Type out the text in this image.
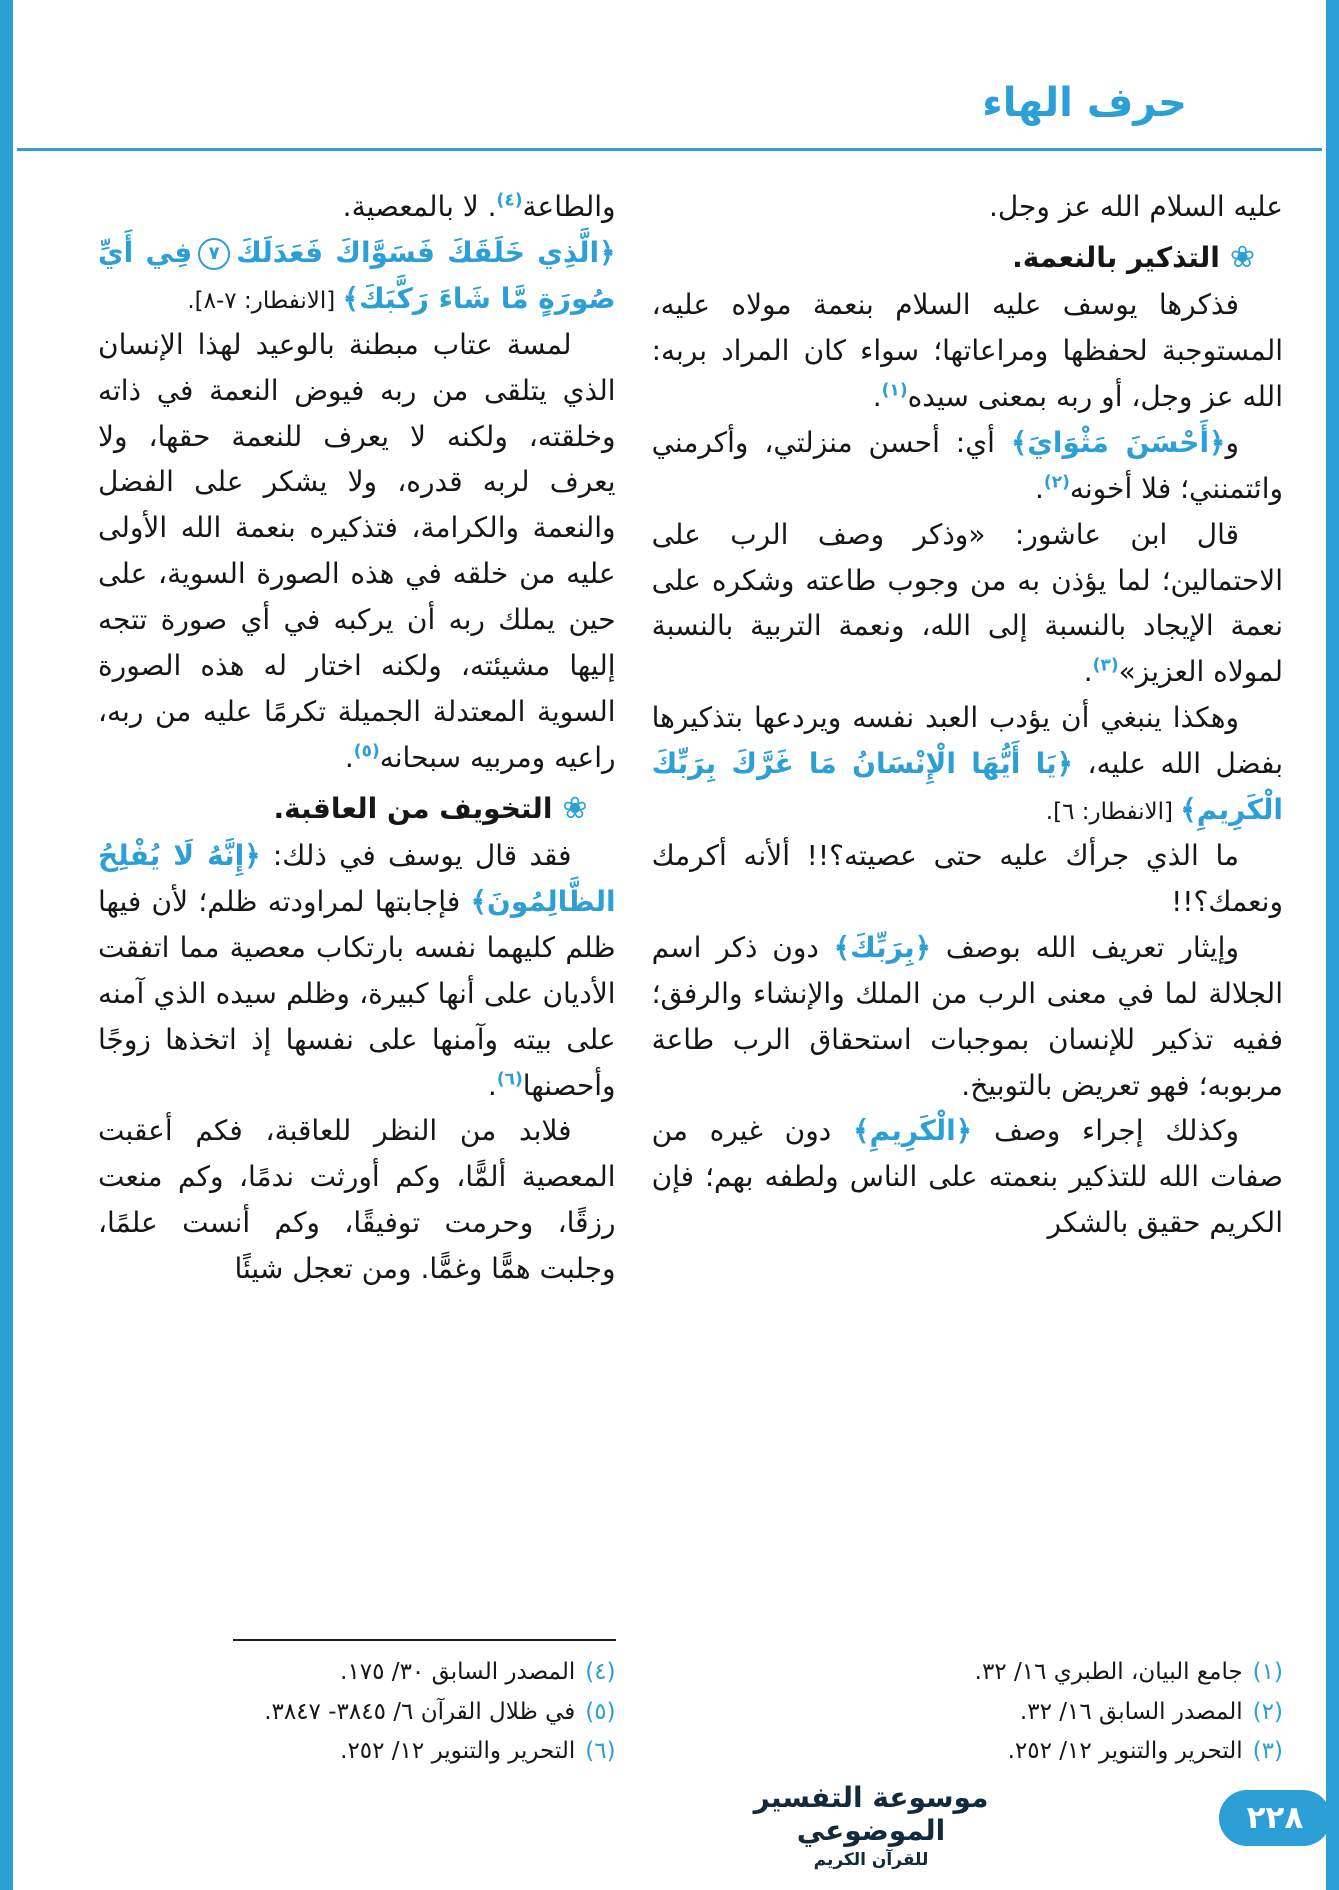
حرف الهاء

عليه السلام الله عز وجل.

❀التذكير بالنعمة.

فذكرها يوسف عليه السلام بنعمة مولاه عليه، المستوجبة لحفظها ومراعاتها؛ سواء كان المراد بربه: الله عز وجل، أو ربه بمعنى سيده$^{(١)}$.

و﴿أَحْسَنَ مَثْوَايَ﴾ أي: أحسن منزلتي، وأكرمني وائتمنني؛ فلا أخونه$^{(٢)}$.

قال ابن عاشور: «وذكر وصف الرب على الاحتمالين؛ لما يؤذن به من وجوب طاعته وشكره على نعمة الإيجاد بالنسبة إلى الله، ونعمة التربية بالنسبة لمولاه العزيز»$^{(٣)}$.

وهكذا ينبغي أن يؤدب العبد نفسه ويردعها بتذكيرها بفضل الله عليه، ﴿يَا أَيُّهَا الْإِنْسَانُ مَا غَرَّكَ بِرَبِّكَ الْكَرِيمِ﴾ [الانفطار: ٦].

ما الذي جرأك عليه حتى عصيته؟!! ألأنه أكرمك ونعمك؟!!

وإيثار تعريف الله بوصف ﴿بِرَبِّكَ﴾ دون ذكر اسم الجلالة لما في معنى الرب من الملك والإنشاء والرفق؛ ففيه تذكير للإنسان بموجبات استحقاق الرب طاعة مربوبه؛ فهو تعريض بالتوبيخ.

وكذلك إجراء وصف ﴿الْكَرِيمِ﴾ دون غيره من صفات الله للتذكير بنعمته على الناس ولطفه بهم؛ فإن الكريم حقيق بالشكر

(١)
جامع البيان، الطبري ١٦/ ٣٢.
(٢)
المصدر السابق ١٦/ ٣٢.
(٣)
التحرير والتنوير ١٢/ ٢٥٢.

والطاعة$^{(٤)}$. لا بالمعصية.

﴿الَّذِي خَلَقَكَ فَسَوَّاكَ فَعَدَلَكَ٧فِي أَيِّ صُورَةٍ مَّا شَاءَ رَكَّبَكَ﴾ [الانفطار: ٧-٨].

لمسة عتاب مبطنة بالوعيد لهذا الإنسان الذي يتلقى من ربه فيوض النعمة في ذاته وخلقته، ولكنه لا يعرف للنعمة حقها، ولا يعرف لربه قدره، ولا يشكر على الفضل والنعمة والكرامة، فتذكيره بنعمة الله الأولى عليه من خلقه في هذه الصورة السوية، على حين يملك ربه أن يركبه في أي صورة تتجه إليها مشيئته، ولكنه اختار له هذه الصورة السوية المعتدلة الجميلة تكرمًا عليه من ربه، راعيه ومربيه سبحانه$^{(٥)}$.

❀التخويف من العاقبة.

فقد قال يوسف في ذلك: ﴿إِنَّهُ لَا يُفْلِحُ الظَّالِمُونَ﴾ فإجابتها لمراودته ظلم؛ لأن فيها ظلم كليهما نفسه بارتكاب معصية مما اتفقت الأديان على أنها كبيرة، وظلم سيده الذي آمنه على بيته وآمنها على نفسها إذ اتخذها زوجًا وأحصنها$^{(٦)}$.

فلابد من النظر للعاقبة، فكم أعقبت المعصية ألمًّا، وكم أورثت ندمًا، وكم منعت رزقًا، وحرمت توفيقًا، وكم أنست علمًا، وجلبت همًّا وغمًّا. ومن تعجل شيئًا

(٤)
المصدر السابق ٣٠/ ١٧٥.
(٥)
في ظلال القرآن ٦/ ٣٨٤٥- ٣٨٤٧.
(٦)
التحرير والتنوير ١٢/ ٢٥٢.
موسوعة التفسير الموضوعي
للقرآن الكريم
٢٢٨
